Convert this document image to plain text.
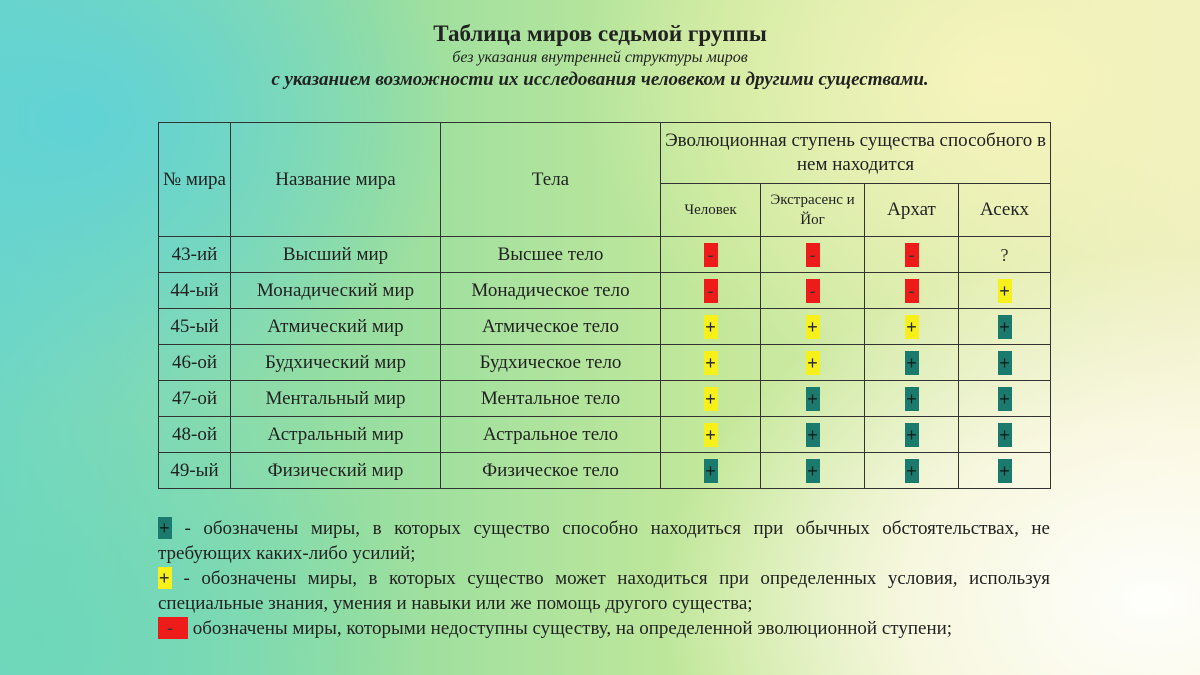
Таблица миров седьмой группы
без указания внутренней структуры миров
с указанием возможности их исследования человеком и другими существами.
№ мира	Название мира	Тела	Эволюционная ступень существа способного в нем находится			
			Человек	Экстрасенс и Йог	Архат	Асекх
43-ий	Высший мир	Высшее тело	-	-	-	?
44-ый	Монадический мир	Монадическое тело	-	-	-	+
45-ый	Атмический мир	Атмическое тело	+	+	+	+
46-ой	Будхический мир	Будхическое тело	+	+	+	+
47-ой	Ментальный мир	Ментальное тело	+	+	+	+
48-ой	Астральный мир	Астральное тело	+	+	+	+
49-ый	Физический мир	Физическое тело	+	+	+	+
+ - обозначены миры, в которых существо способно находиться при обычных обстоятельствах, не требующих каких-либо усилий;
+ - обозначены миры, в которых существо может находиться при определенных условия, используя специальные знания, умения и навыки или же помощь другого существа;
- обозначены миры, которыми недоступны существу, на определенной эволюционной ступени;
